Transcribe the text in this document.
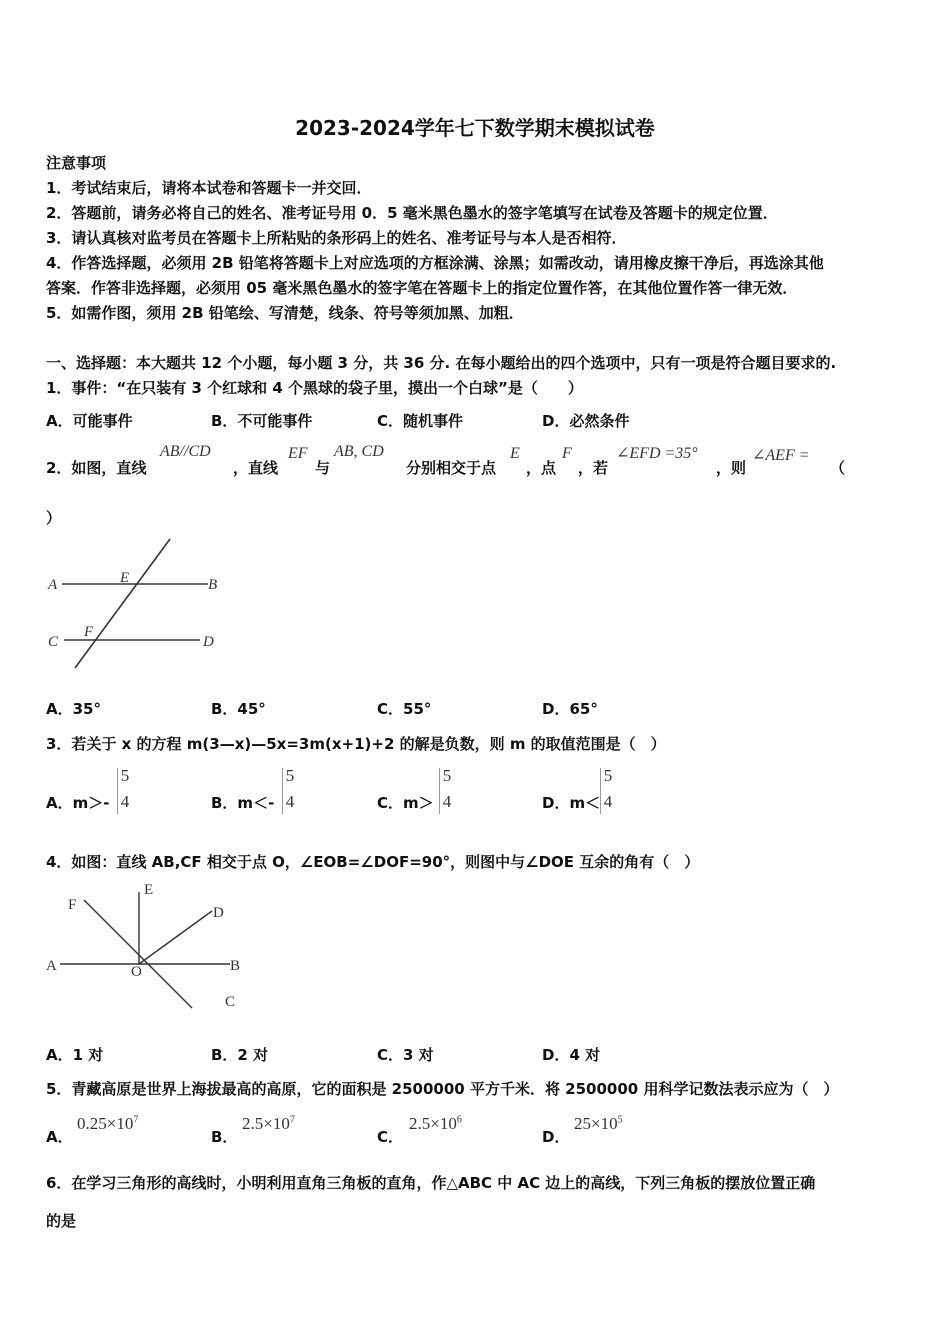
2023-2024学年七下数学期末模拟试卷
注意事项
1．考试结束后，请将本试卷和答题卡一并交回．
2．答题前，请务必将自己的姓名、准考证号用 0．5 毫米黑色墨水的签字笔填写在试卷及答题卡的规定位置．
3．请认真核对监考员在答题卡上所粘贴的条形码上的姓名、准考证号与本人是否相符．
4．作答选择题，必须用 2B 铅笔将答题卡上对应选项的方框涂满、涂黑；如需改动，请用橡皮擦干净后，再选涂其他
答案．作答非选择题，必须用 05 毫米黑色墨水的签字笔在答题卡上的指定位置作答，在其他位置作答一律无效．
5．如需作图，须用 2B 铅笔绘、写清楚，线条、符号等须加黑、加粗．
一、选择题：本大题共 12 个小题，每小题 3 分，共 36 分. 在每小题给出的四个选项中，只有一项是符合题目要求的.
1．事件：“在只装有 3 个红球和 4 个黑球的袋子里，摸出一个白球”是（　　）
A．可能事件	B．不可能事件	C．随机事件	D．必然条件
2．如图，直线
AB//CD
，直线
EF
与
AB, CD
分别相交于点
E
，点
F
，若
∠EFD =35°
，则
∠AEF =
（
）
A	B
C	D
E
F
A．35°	B．45°	C．55°	D．65°
3．若关于 x 的方程 m(3—x)—5x=3m(x+1)+2 的解是负数，则 m 的取值范围是（　）
A．m＞-
5
4	B．m＜-
5
4	C．m＞
5
4	D．m＜
5
4
4．如图：直线 AB,CF 相交于点 O，∠EOB=∠DOF=90°，则图中与∠DOE 互余的角有（　）
A	B
C
D
E
F
O
A．1 对	B．2 对	C．3 对	D．4 对
5．青藏高原是世界上海拔最高的高原，它的面积是 2500000 平方千米．将 2500000 用科学记数法表示应为（　）
A．
$0.25\times 10^7$
B．
$2.5\times 10^7$
C．
$2.5\times 10^6$
D．
$25\times 10^5$
6．在学习三角形的高线时，小明利用直角三角板的直角，作△ABC 中 AC 边上的高线，下列三角板的摆放位置正确
的是
